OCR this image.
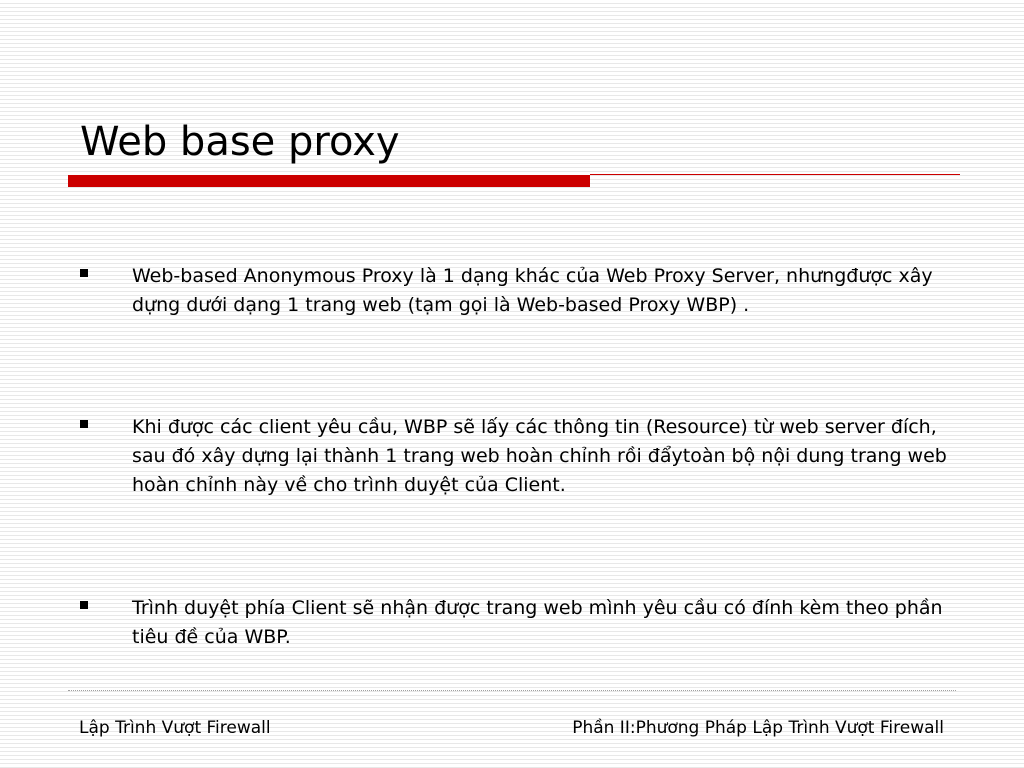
Web base proxy

Web-based Anonymous Proxy là 1 dạng khác của Web Proxy Server, nhưngđược xây dựng dưới dạng 1 trang web (tạm gọi là Web-based Proxy WBP) .

Khi được các client yêu cầu, WBP sẽ lấy các thông tin (Resource) từ web server đích, sau đó xây dựng lại thành 1 trang web hoàn chỉnh rồi đẩytoàn bộ nội dung trang web hoàn chỉnh này về cho trình duyệt của Client.

Trình duyệt phía Client sẽ nhận được trang web mình yêu cầu có đính kèm theo phần tiêu đề của WBP.

Lập Trình Vượt Firewall	Phần II:Phương Pháp Lập Trình Vượt Firewall
